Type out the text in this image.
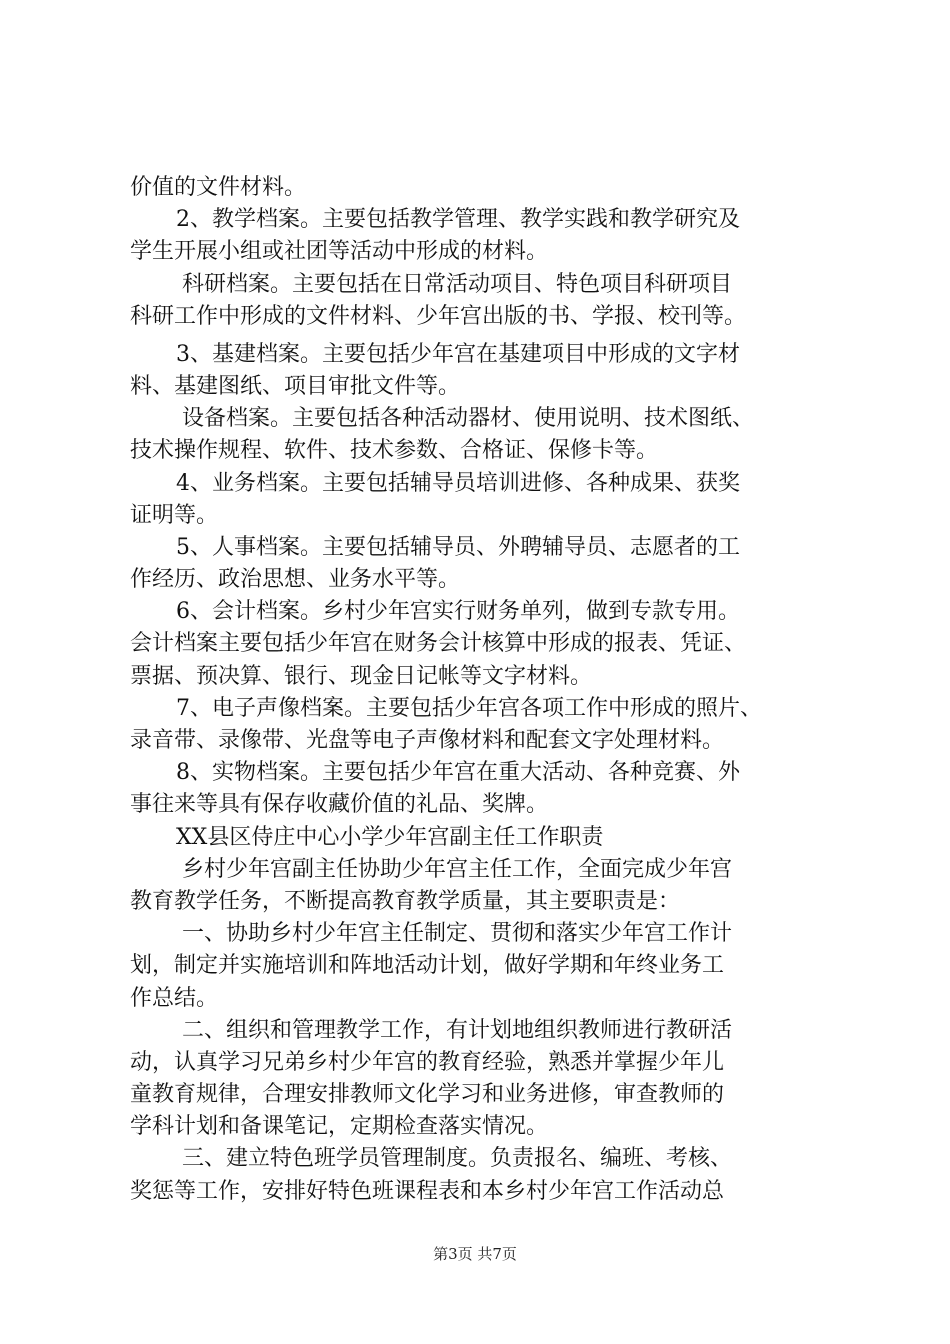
价值的文件材料。
2、教学档案。主要包括教学管理、教学实践和教学研究及
学生开展小组或社团等活动中形成的材料。
科研档案。主要包括在日常活动项目、特色项目科研项目
科研工作中形成的文件材料、少年宫出版的书、学报、校刊等。
3、基建档案。主要包括少年宫在基建项目中形成的文字材
料、基建图纸、项目审批文件等。
设备档案。主要包括各种活动器材、使用说明、技术图纸、
技术操作规程、软件、技术参数、合格证、保修卡等。
4、业务档案。主要包括辅导员培训进修、各种成果、获奖
证明等。
5、人事档案。主要包括辅导员、外聘辅导员、志愿者的工
作经历、政治思想、业务水平等。
6、会计档案。乡村少年宫实行财务单列，做到专款专用。
会计档案主要包括少年宫在财务会计核算中形成的报表、凭证、
票据、预决算、银行、现金日记帐等文字材料。
7、电子声像档案。主要包括少年宫各项工作中形成的照片、
录音带、录像带、光盘等电子声像材料和配套文字处理材料。
8、实物档案。主要包括少年宫在重大活动、各种竞赛、外
事往来等具有保存收藏价值的礼品、奖牌。
XX县区侍庄中心小学少年宫副主任工作职责
乡村少年宫副主任协助少年宫主任工作，全面完成少年宫
教育教学任务，不断提高教育教学质量，其主要职责是：
一、协助乡村少年宫主任制定、贯彻和落实少年宫工作计
划，制定并实施培训和阵地活动计划，做好学期和年终业务工
作总结。
二、组织和管理教学工作，有计划地组织教师进行教研活
动，认真学习兄弟乡村少年宫的教育经验，熟悉并掌握少年儿
童教育规律，合理安排教师文化学习和业务进修，审查教师的
学科计划和备课笔记，定期检查落实情况。
三、建立特色班学员管理制度。负责报名、编班、考核、
奖惩等工作，安排好特色班课程表和本乡村少年宫工作活动总
第3页 共7页
